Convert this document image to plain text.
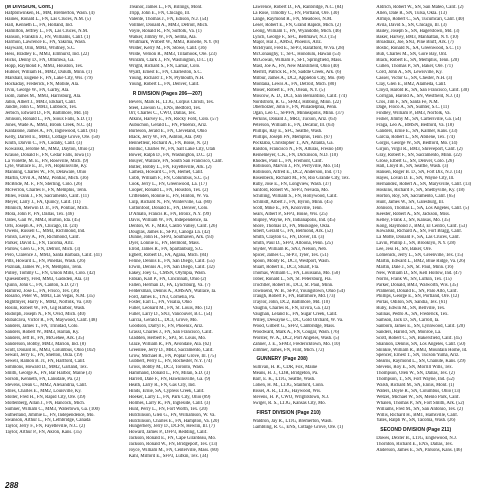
(M DIVISION, Cont.)
Hafpbilwinken, H., MM, Bremerton, Wash. (4)
Haines, Ronald L., FN, Las Cruces, N.M. (5)
Hall, Kenneth L., FN, Holland, Ind.
Hamilton, Jeffrey L., FN, Las Cruces, N.M.
Hanson, Franklin J., FN, Williams, Calif. (1)
Harmon, Lawrence E., FN, Yakima, Wash.
Hayward, Olin, MM3, Whitney, S.C.
Hess, Bradley E., MM3, Elmhurst, Ind. (22)
Hicks, Denny D., FN, Ottumwa, Ga.
Hopp, Raymond F., MM3, Houston, Tex.
Hubner, William H., MM2, Duluth, Minn. (1)
Marshall, Eugene F., FN, Lake City, Wis. (79)
Hockaday, Frederick, FN, Mobile, Ala.
Irvin, George W., FN, Garby, Ala.
Isom, James M., MM3, Harrisburg, Ala.
Jabin, Albert J., MM3, Elkhart, Calif.
Jandre, John C., MM3, Lubbock, Tex.
Jerbich, Edward D., FN, Baltimore, Md. (4)
Johnson, Ronald L., FN, Sioux Falls, S.D. (1)
Jones, Wade A., MM3, Brook Creek, N.C. (4)
Kantalone, James A., FN, Inglewood, Calif. (61)
Kelly, Darrell E., MM3, Cottage Grove, Ore. (50)
Kluth, Darvin C., FN, Cudahy, Calif. (3)
Kowalski, Jerome M., MM2, Dayton, Ohio (2)
Krause, Donald F., FN, Cedar Falls, Iowa (1)
La Violette, M. E., FN, Roseville, Mich. (9)
Lyle, Wallace E., Jr., FN, Hopkinsville, Ky.
Manning, Charles W., FN, Delaware, Ohio
Martin, Orvil A., MM2, Pontiac, Mich. (36)
McBride, M. F., FN, Sterling, Colo. (26)
McFerron, Charles F., FN, Memphis, Tenn.
Miles, Frank J., FN, Sacramento, Calif. (11)
Meyer, Larry J., FA, Quincy, Calif. (11)
Minnich, Merwin D. Jr., FN, Pontiac, Mich.
Mora, John P., FN, Dallas, Tex. (46)
Oates, Gail W., MM3, Rurton, Ida. (45)
Orts, Joseph A., FN, Chicago, Ill. (24)
Owens, Russell C., MM3, Richmond, Ind.
Parish, Leroy A., FN, Richmond, Calif.
Parker, David L., FN, Tacoma, Ariz.
Parlow, Glen G., FN, Detroit, Mich. (3)
Pero, Clarence J., MM3, Santa Barbara, Calif. (41)
Pitts, Howard L., FN, Pinellas, Wash. (26)
Pozniak, James W., FN, Memphis, Tenn.
Pulley, Tommy C., FN, Union Mills, Colo. (42)
Quesenberry, Fred, MM3, Gadsden, Ala. (3)
Quinn, John C., FN, Canton, S.D. (27)
Ramirez, Jose L., FN, Frisco, Tex. (36)
Rosario, Peter W., MM3, Las Vegas, N.M. (35)
Rightmyer, Harry F., MM2, Norfolk, Va. (30)
Rosini, Robert W., FN, Gig Harbor, Wash.
Rudolph, Joseph N., FN, Ovid, Mich. (40)
Rubalcava, Victor R., FN, Maywood, Calif. (48)
Sanders, James T., FN, Trinidad, Colo.
Sanders, Robert W., MM3, Harlan, Ky.
Sanders, Jeff B., FN, McGehee, Ark. (35)
Sanderson, Bobby, MM3, Marion, Ind. (8)
Scott, Donald H., MM3, Columbus, Ohio (102)
Sewall, Jerry E., FN, Shelton, Okla. (19)
Sewell, Ramon B. Jr., FN, Hartford, Calif.
Simmons, Howard D., MM2, Garland, Tex.
Smith, George A., FN, Bar Harbor, Maine (3)
Sorsoli, Kenneth, FN, Lansdale, Pa. (2)
Stevens, Dean C., MM2, Alexandria, Calif.
Stiles, Charles E., MM2, Louisville, Ky.
Stoller, Fred H., FN, Rapid City, Ore. (39)
Stoltenberg, Allan J., FN, Hancock, Mich.
Sumner, William C., MM3, Watertown, Ga. (100)
Sutherland, Jimmie L., FN, Independence, Mo.
Swanson, Arthur L., FN, Lethbridge, Canada
Taylor, Jerry F., FN, Fayetteville, N.C. (2)
Taylor, Arthur P., FN, Akron, Kans. (35)
Treanor, James L., FN, Billings, Mont.
Tripp, John E., FN, Chicago, Ill.
Valente, Thomas J., FN, Edison, N.J. (54)
Vollmer, Donald A., MM3, Detroit, Mich.
Voyle, Ronald R., FN, Suffolk, Va. (1)
Walker, Jimmy W., FN, Selma, Ala.
Whitmark, Wilbert W., MM3, Ronelle, N.Y. (8)
Wilder, Kerry M., FN, Stowe, Calif. (36)
Wilde, Vernon R., MM3, Tillamook, Ore. (23)
Winram, Clark J., FN, Washington, D.C. (4)
Wright, Richard S., FN, Lamar, Colo.
Wyatt, Ernest E., FN, Charleston, S.C.
Young, Richard T., FN, Plymouth, N.H.
Young, Robert L., FN, Denver, Calif.
R DIVISION (Pages 206—207)
Bevers, Mark H., LTJG, Corpus Christi, Tex.
Steel, Lawson G., ENS, Bedford, Tex.
Orr, Charles C., CWO, Dallas, Tex.
Atkins, Harvey E., FN, Rocky Ford, Colo. (57)
Aubuchon, Gerald L., FN, Phoenix, Ariz.
Burleson, Jerald E., FN, Cleveland, Ohio
Black, Jerry W., FN, Ashton, Ala. (90)
Bennefleur, Richard A., FN, Boise, N. (2)
Bolduc, Charles W., FN, Salt Lake City, Utah
Bower, Ralph D., FN, Washington, D.C. (2)
Bouyer, Wallace, FN, South San Francisco, Calif.
Butler, Bobby L., FN, Fayetteville, Ark. (2)
Camera, Howard C., FN, Hemet, Calif.
Cobb, William F., FN, Columbus, S.C. (5)
Cook, Jerry L., FN, Greenwood, La. (17)
Cooper, Ronald L., FN, Houston, Tex. (2)
Crittenden, Ronnie E., FN, Hinton, W. Va.
Culp, Richard N., FN, Winterville, Ga. (80)
Cottonfoot, Donald E., FN, Denver, Colo.
D'Amato, Francis R., FN, Bronx, N.Y. (99)
Davis, William W., FN, Independence, Ia.
Denton, W. F., MR3, Castro Valley, Calif. (26)
Douglas, James E., SFP3, Canoga Ln. (42)
Dunne, John H., SFP3, Southaven, Ark. (93)
Dyer, Lonnie E., FN, Belmont, Mass.
Elrod, James R., FN, Spartanburg, S.C.
Egbert, Robert D., FA, Agana, Mich. (84)
Feline, Dennis E., FN, San Diego, Calif. (55)
Erwin, Dennis A., FN, San Diego, Calif. (32)
Eakey, Joey G., CMSN, Olympia, Wash.
Fabian, Karl P., FN, Cincinnati, Ohio (2)
Fallen, Herman D., FA, Lynchburg, Va. (7)
Feldersman, Dennis A., AMSAN, Wallace, Ia.
Ford, James E., TN3, Cornelia, Pa.
Foster, Earl L., FN, Visalia, Ohio
Fuller, Leonard M., FN, St. Louis, Mo. (12)
Fuller, Larry D., SN3, Vancouver, B.C. (54)
Garcia, Gerald L., DC3, Grove, Mo.
Goodson, Darryl F., FN, Phoenix, Ariz.
Grassl, Charles J., FN, San Francisco, Calif.
Gladden, Herbert F., SP3, St. Louis, Mo.
Glaze, William R., FN, Avondale, Ala. (62)
Greenlee, Jerry D., MR3, Sacramento, Calif.
Grow, Michael R., FN, Poplar Grove, Ill. (75)
Gubbert, Perry L., FN, Rochester, N.Y. (74)
Gross, Bobby M., DC3, Toronto, Wash.
Hammand, Donald L., FN, Milan, S.D. (3)
Harrell, Dale F., FN, Hawkinsville, Ga. (9)
Heath, Larry R., FN, Gas City, Ind.
Hinds, Ernie, SA, Cypress Creek, Calif.
Hoeker, Larry L., FN, Park City, Ohio (89)
Holmes, Larry R., FN, Ingleside, Calif. (3)
Hunt, Perry L., FN, Fort Worth, Tex. (20)
Hutchinson, Glen G., FN, Williamson, W. Va.
Hutchinson, Charles E., FN, Hampton, Va. (20)
Hungerhery, Jerry D., DCFN, Hewlin, Ill. (7)
Howard, James P., DFP3, Redding, Calif.
Jackson, Ronald E., FN, Cape Girardeau, Mo.
Jackson, Ronald W., FN, Bridgeport, Tex. (13)
Joyce, William M., FN, Centerville, Mass. (80)
Kahl, Milford E., SFP3, Lufkin, Tex. (34)
Lawrence, Robert D., FA, Ranbridge, N.C. (84)
La Rose, Timothy C., FN, Portland, Ore. (30)
Lange, Raymond R., FN, Meadows, N.M.
Leser, Robert E., FN, Grand Rapids, Mich. (2)
Leong, William T., FN, Wyandotte, Mich. (46)
Lynch, George F., SFC, Bellmawr, N.J. (15)
Major, Hal J., AMS3, Phoenix, Ariz.
McBryant, Fred E., SFP3, Raratford, W.Va. (28)
McConaughy, T., SFC, Honolulu, Hawaii (53)
McGowan, William F., SF1, Springfield, Mass.
Mast, Joe A., FN, New Marshfield, Ohio (40)
Merritt, Patrick R., FN, Saddle Creek, Ark. (6)
Milbur, James A., DC2, Appleton City, Mo. (68)
Montana, Lewis A., FN, Detroit, Mich. (80)
Moser, Robert E., FN, Olean, N.Y. (5)
Moscow, A. D., DC3, San Bernardino, Calif. (74)
Nordstrom, R. G., SFM3, Hibbing, Minn. (22)
Oberholzer, John F., FN, Philadelphia, Penn.
Ogan, Leo C., SFPFN, Minneapolis, Minn. (37)
Perkins, Donald J., MR3, Tucson, Ariz. (63)
Peterson, William E., FN, Decatur, Ill. (63)
Phillips, Ray E., SFC, Seattle, Wash.
Phillips, Joseph FN, Memphis, Tenn. (67)
Pocklaba, Christopher T., AN, Atlanta, Ga.
Ralston, Francisco N., FN, Alturas, Fresno (48)
Reinemeyer, C.K., FN, Dickinson, N.D. (10)
Rhodes, Paul L., FN, Fremont, Calif.
Robinson, Marvin J., FN, Perryville, Mo. (14)
Robinson, Alfred E., DC2, Anderson, Ind. (71)
Rosenbeck, Richard M., FN, Rio Grande City, Tex.
Ruby, Jose E., FN, Longview, Wash. (37)
Sanford, Robert W., SFP3, Nevada, Mo.
Schilling, William S., FN, Hollywood, Calif.
Schmidt, Albert J., FN, Byron, Minn. (45)
Scott, Mike E., FN, Knoxville, Tenn.
Sears, Albert P., SFP3, Boise, Wis. (25)
Shipley, Wayne, FN, Indianapolis, Ind. (45)
Shore, Thomas D., FN, Muskogee, Okla.
Sibert, Gerald G., FN, Belmond, Ark. (52)
Smith, Clayton G., FN, Dover, Ill. (3)
Smith, Paul D., SFP3, Altoona, Penn. (25)
Snyder, William R., SN3, Nelson, Neb.
Spicer, James C., SFP3, Tyler, Tex. (51)
Spoon, Monty R., DC3, Westport, Wash.
Stuart, Robert E., DC3, Stuart, Fla.
Thomas, William C., FN, Louisiana, Mo. (50)
Tober, Ronald L., SN, St. Petersburg, Fla.
Trochtler, Robert H., DC3, St. Paul, Minn.
Townsend, W. B., SFP3, Youngstown, Ohio (54)
Traugh, Robert F., FN, Baltimore, Md. (73)
Traylor, John, DC2, Baltimore, Md. (10)
Vaughn, Charles R., FN, Elvira, Ga. (32)
Vaughan, Leland E., FN, Sugar Creek, Calif.
Willey, Dewayne C., DC, Gold Orchard, W. Va.
Wood, Gilbert G., SFP2, Cambridge, Mass.
Woodward, Mark A., FN, Cougar, Wash. (76)
Worster, W. A., DC2, Port Angeles, Wash. (5)
Zahner, J. E., SFM3, Fredericktown, Mo. (10)
Zimmer, James, FN, Flint, Mich. (72)
GUNNERY (Page 208)
Sullivan, H. R., CDR, Fox, Maine
Means, H. J., CDR, Bridgeton, Pa.
Barr, E. K., LTJG, Seattle, Wash.
Cohen, H. M., LTJG, Stanford, Conn.
Bissel, A. R., LTJG, Haywood, Wis.
Stevens, H. P., CWO, Wrightstown, N.J.
Swigel, R. S., LTJG, Kansas City, Mo.
FIRST DIVISION (Page 210)
Waldron, Jay R., LTJG, Bremerton, Wash.
Gambling, R. G., ENS, Cottage Grove, Ore. (1)
Aldrich, Robert W., SN, San Mateo, Calif. (2)
Allen, Dale R., SN, Tulsa, Okla. (13)
Armijo, Robert C., SA, Tucumcari, Calif. (40)
Avila, David S., SN, Chicago, Ill. (3)
Bailey, Joseph S., SN, Hagerstown, Md. (3)
Baker, Harvey, BM3, Manhattan, N.Y. (10)
Broadnax, Joe, SN3, Pine Bluff, Ark. (7)
Bostic, Ronald N., SA, Greenwood, S.C. (1)
Bub, Charles M., SN, Gore Bay, Ont.
Black, Robert E., SN, Memphis, Tenn. (20)
Cullen, Thomas P., SN, Baker, Ore. (71)
Cord, John A., SN, Lewisville, Ky.
Cassel, Victor G., SN, Chester, N.H. (3)
Clay, Glen E., BM2, Alameda, Calif.
Cloyd, Harold R., SN, San Francisco, Calif. (30)
Corrigan, Harold A., SN, Westfield, N.J. (4)
Cros, Jim F., SN, Santa Fe, N.M.
Dage, Floco A., SN, Sumter, S.C. (11)
Findley, William P., BM3, Norfolk, Va.
Fisher, Jimmy M., SN, Cartersville, Ga. (54)
Fraga, Leo A., BMSN, Bedford, Va. (18)
Ganders, Ernie E., SN, Kalmer, Kans. (33)
Garcia, Robert L., SN, Abilene, Tex. (74)
Gorgis, George W., SN, Bedford, Mo. (14)
Girjon, Virgil R., BM3, Shreveport, Calif. (2)
Gray, Robert F., SN, Sacramento, Minn. (22)
Grose, Elbert G., SN, Denver, Colo. (26)
Hall, Lloyd B., SN, Seattle, Wash. (3)
Hansen, Roger B. D., SN, Fort Dix, N.J. (14)
Hayes, Lovan D. E., SN, Wayne City, Ill.
Hernandez, Robert A., SN, Marysville, Calif. (13)
Hoskins, Richard F., SN, Shelbyville, Ky. (18)
Horton, Roy, SN, Sacramento, Calif. (65)
Hunt, James W., SN, Galesburg, Ill.
Johnson, Thomas L., SA, Los Angeles, Calif. (5)
Keester, Robert A., SN, Jackson, Miss.
Kelley, Frank J., SN, Kansas, Mo. (35)
Kong, Raymond J., BM3, El Centro, Calif. (53)
Kowalski, Richard A., SN, Fort Bragg, Calif.
La Motte, Donald F., SA, Las Cruces, Calif.
Lavin, Phillip J., SN, Brooklyn, N.Y. (28)
Lee, Jess H., SN, Baker, Ore.
Lomenick, Jerry L., SN, Greenville, Tex. (15)
Martin, Edward L., BM2, Blue Ridge, Va. (26)
Martin, Dale J., SN, St. Paul, Minn. (16)
New, William D., SN, Kell Hollow, Ind. (47)
Norris, Frank W., SN, Lufkin, Tex. (15)
Parker, Donald, BM3, Walworth, Wis. (35)
Pramenid, Donald E., SN, Palo Alto, Calif.
Phillips, George E., SN, Portland, Ore. (12)
Porlas, Odilon, SN, Sandia, Tex. (61)
Ruby, Edwin M., SN, Bellville, Tex.
Salinas, Pedro A., SN, Frederick, Tex.
Samson, Jack D., SN, Carroll, Ia.
Sanborn, James E., SN, Lynnwood, Calif. (20)
Sanders, Harold, SN, Monroe, La.
Scott, Robert C., SN, Bakersfield, Calif. (45)
Shannon, Dennis, SN, Los Angeles, Calif. (50)
Shinkle, William R., BM3, Mountain Home, Id.
Spencer, Ernest T., SN, Tucson/Yuma, Ariz.
Stearns, Raymond L., SN, Chanute, Kans. (29)
Stevens, Roy E., SN, Morrill Wills, Tex.
Thompson, Olen W., SN, Dallas, Tex. (2)
Thompson, T., SN, Fort Wayne, Ind. (52)
Walsh, Richard M., SN, Ennis, Mont. (1)
Waters, Doyle R., SN, Columbus, Ohio (13)
Wetzel, Michael W., SN, Menlo Park, Calif.
Whalen, Thomas P., SN, Fort Smith, Ark. (52)
Williams, Fred M., SN, San Antonio, Tex. (2)
Willis, Richard H., BM1, Hamsville, Calif.
Yates, Ralph W., SN, Tacoma, Wash. (26)
SECOND DIVISION (Page 211)
Dawes, Dexter B., LTJG, Englewood, N.J.
Thornton, Richard E., ENS, Dallas, Tex.
Anderson, James E., SN, Parsons, Kans. (46)
288
